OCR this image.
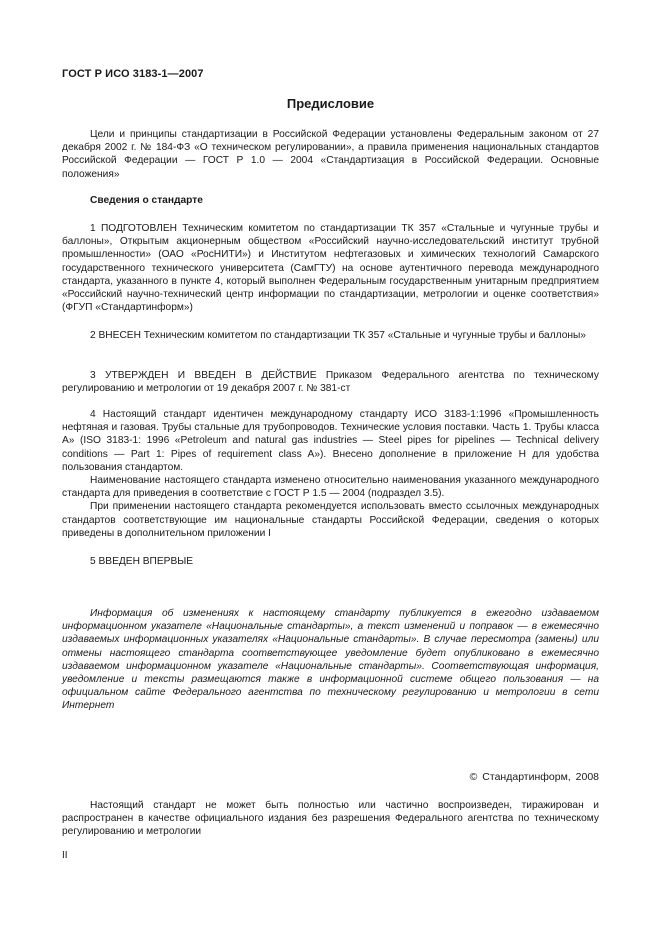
ГОСТ Р ИСО 3183-1—2007
Предисловие

Цели и принципы стандартизации в Российской Федерации установлены Федеральным законом от 27 декабря 2002 г. № 184-ФЗ «О техническом регулировании», а правила применения национальных стандартов Российской Федерации — ГОСТ Р 1.0 — 2004 «Стандартизация в Российской Федерации. Основные положения»

Сведения о стандарте

1 ПОДГОТОВЛЕН Техническим комитетом по стандартизации ТК 357 «Стальные и чугунные трубы и баллоны», Открытым акционерным обществом «Российский научно-исследовательский институт трубной промышленности» (ОАО «РосНИТИ») и Институтом нефтегазовых и химических технологий Самарского государственного технического университета (СамГТУ) на основе аутентичного перевода международного стандарта, указанного в пункте 4, который выполнен Федеральным государственным унитарным предприятием «Российский научно-технический центр информации по стандартизации, метрологии и оценке соответствия» (ФГУП «Стандартинформ»)

2 ВНЕСЕН Техническим комитетом по стандартизации ТК 357 «Стальные и чугунные трубы и баллоны»

3 УТВЕРЖДЕН И ВВЕДЕН В ДЕЙСТВИЕ Приказом Федерального агентства по техническому регулированию и метрологии от 19 декабря 2007 г. № 381-ст

4 Настоящий стандарт идентичен международному стандарту ИСО 3183-1:1996 «Промышленность нефтяная и газовая. Трубы стальные для трубопроводов. Технические условия поставки. Часть 1. Трубы класса А» (ISO 3183-1: 1996 «Petroleum and natural gas industries — Steel pipes for pipelines — Technical delivery conditions — Part 1: Pipes of requirement class A»). Внесено дополнение в приложение Н для удобства пользования стандартом.

Наименование настоящего стандарта изменено относительно наименования указанного международного стандарта для приведения в соответствие с ГОСТ Р 1.5 — 2004 (подраздел 3.5).

При применении настоящего стандарта рекомендуется использовать вместо ссылочных международных стандартов соответствующие им национальные стандарты Российской Федерации, сведения о которых приведены в дополнительном приложении I

5 ВВЕДЕН ВПЕРВЫЕ

Информация об изменениях к настоящему стандарту публикуется в ежегодно издаваемом информационном указателе «Национальные стандарты», а текст изменений и поправок — в ежемесячно издаваемых информационных указателях «Национальные стандарты». В случае пересмотра (замены) или отмены настоящего стандарта соответствующее уведомление будет опубликовано в ежемесячно издаваемом информационном указателе «Национальные стандарты». Соответствующая информация, уведомление и тексты размещаются также в информационной системе общего пользования — на официальном сайте Федерального агентства по техническому регулированию и метрологии в сети Интернет

© Стандартинформ, 2008

Настоящий стандарт не может быть полностью или частично воспроизведен, тиражирован и распространен в качестве официального издания без разрешения Федерального агентства по техническому регулированию и метрологии

II
